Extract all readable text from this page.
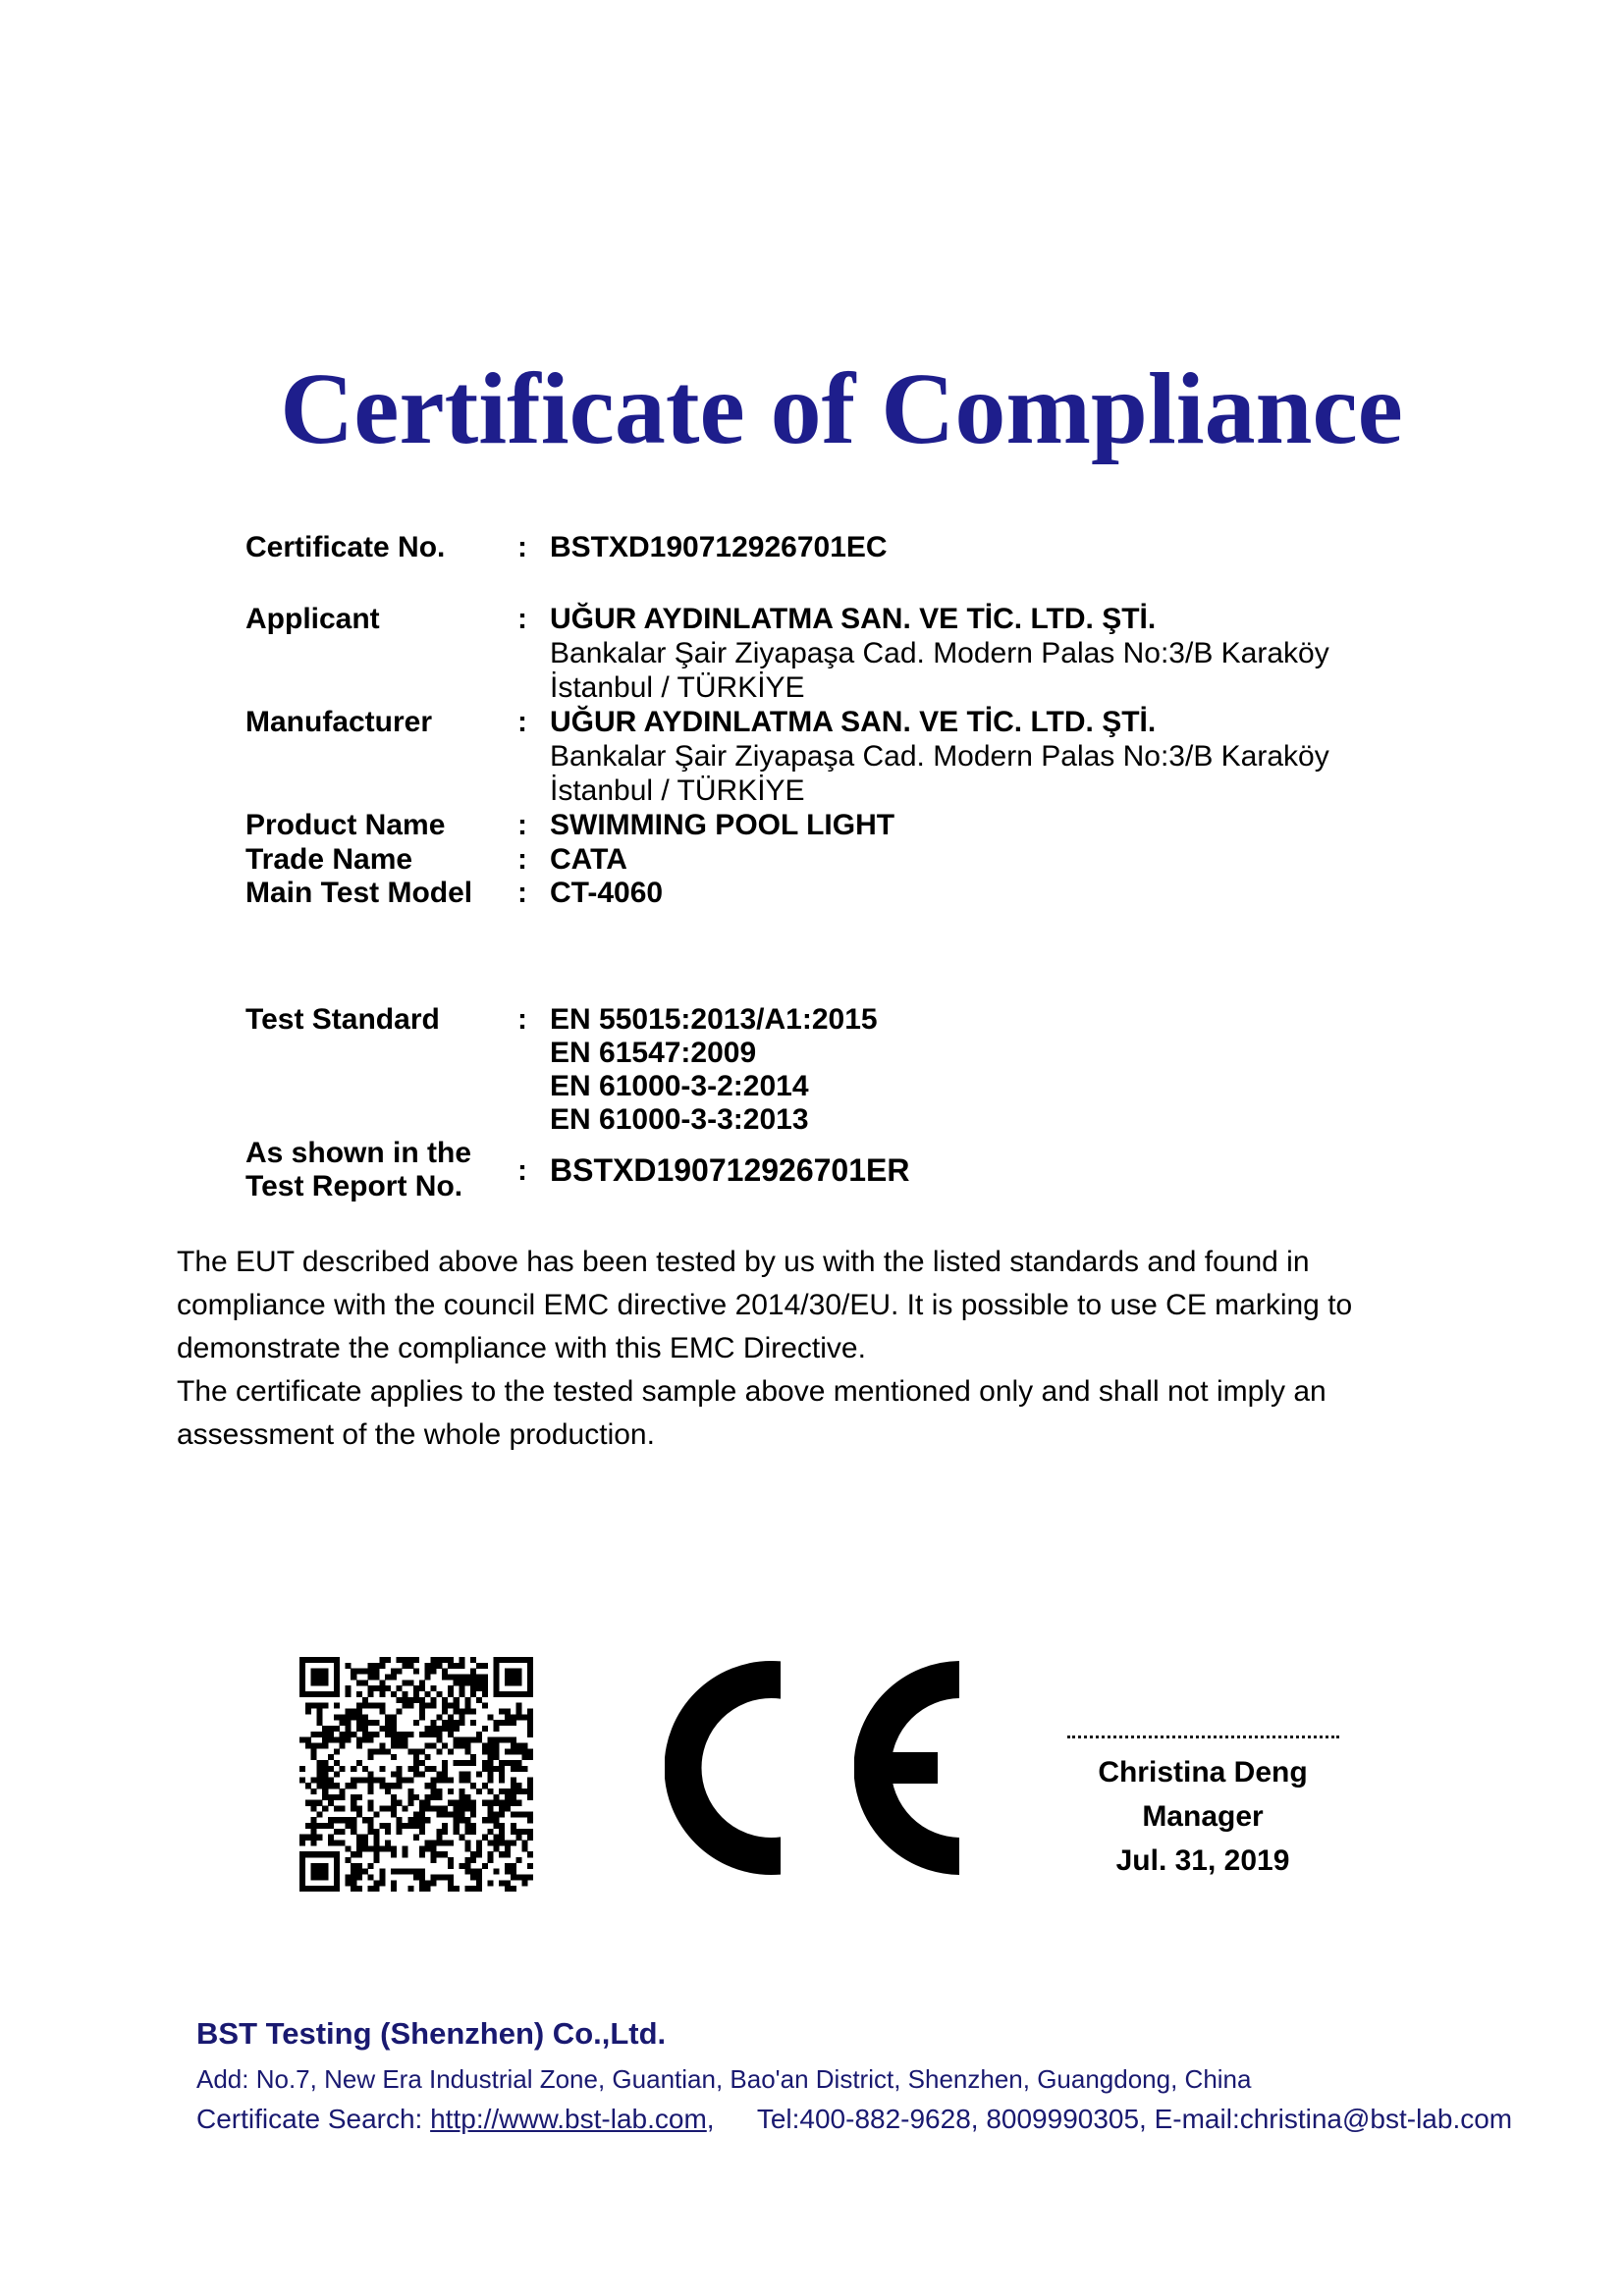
Certificate of Compliance
Certificate No.	: BSTXD190712926701EC
Applicant	: UĞUR AYDINLATMA SAN. VE TİC. LTD. ŞTİ.
Bankalar Şair Ziyapaşa Cad. Modern Palas No:3/B Karaköy
İstanbul / TÜRKİYE
Manufacturer	: UĞUR AYDINLATMA SAN. VE TİC. LTD. ŞTİ.
Bankalar Şair Ziyapaşa Cad. Modern Palas No:3/B Karaköy
İstanbul / TÜRKİYE
Product Name	: SWIMMING POOL LIGHT
Trade Name	: CATA
Main Test Model	: CT-4060
Test Standard	: EN 55015:2013/A1:2015
EN 61547:2009
EN 61000-3-2:2014
EN 61000-3-3:2013
As shown in the
Test Report No.	: BSTXD190712926701ER

The EUT described above has been tested by us with the listed standards and found in compliance with the council EMC directive 2014/30/EU. It is possible to use CE marking to demonstrate the compliance with this EMC Directive.

The certificate applies to the tested sample above mentioned only and shall not imply an assessment of the whole production.

Christina Deng
Manager
Jul. 31, 2019
BST Testing (Shenzhen) Co.,Ltd.
Add: No.7, New Era Industrial Zone, Guantian, Bao'an District, Shenzhen, Guangdong, China
Certificate Search: http://www.bst-lab.com, Tel:400-882-9628, 8009990305, E-mail:christina@bst-lab.com
